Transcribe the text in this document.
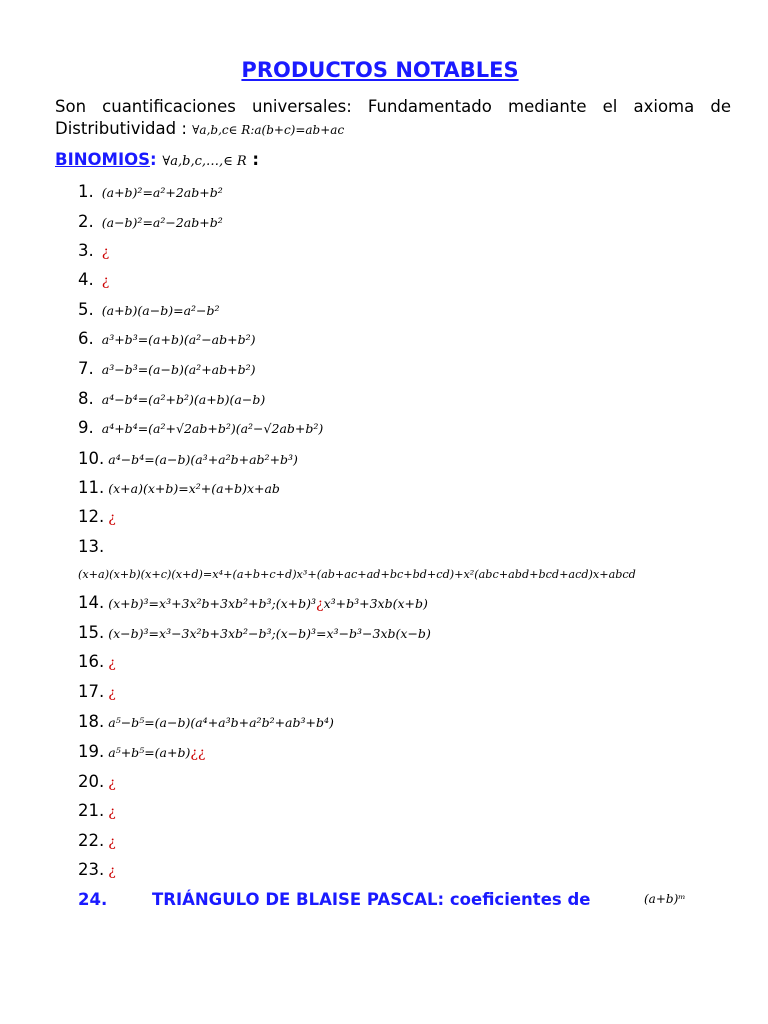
PRODUCTOS NOTABLES
Son cuantificaciones universales: Fundamentado mediante el axioma de Distributividad : ∀a,b,c∈ R:a(b+c)=ab+ac
BINOMIOS: ∀a,b,c,…,∈ R :
1. (a+b)²=a²+2ab+b²
2. (a−b)²=a²−2ab+b²
3. ¿
4. ¿
5. (a+b)(a−b)=a²−b²
6. a³+b³=(a+b)(a²−ab+b²)
7. a³−b³=(a−b)(a²+ab+b²)
8. a⁴−b⁴=(a²+b²)(a+b)(a−b)
9. a⁴+b⁴=(a²+√2ab+b²)(a²−√2ab+b²)
10. a⁴−b⁴=(a−b)(a³+a²b+ab²+b³)
11. (x+a)(x+b)=x²+(a+b)x+ab
12. ¿
13.
14. (x+b)³=x³+3x²b+3xb²+b³;(x+b)³¿x³+b³+3xb(x+b)
15. (x−b)³=x³−3x²b+3xb²−b³;(x−b)³=x³−b³−3xb(x−b)
16. ¿
17. ¿
18. a⁵−b⁵=(a−b)(a⁴+a³b+a²b²+ab³+b⁴)
19. a⁵+b⁵=(a+b)¿¿
20. ¿
21. ¿
22. ¿
23. ¿
(x+a)(x+b)(x+c)(x+d)=x⁴+(a+b+c+d)x³+(ab+ac+ad+bc+bd+cd)+x²(abc+abd+bcd+acd)x+abcd
24.	TRIÁNGULO DE BLAISE PASCAL: coeficientes de	(a+b)ᵐ
